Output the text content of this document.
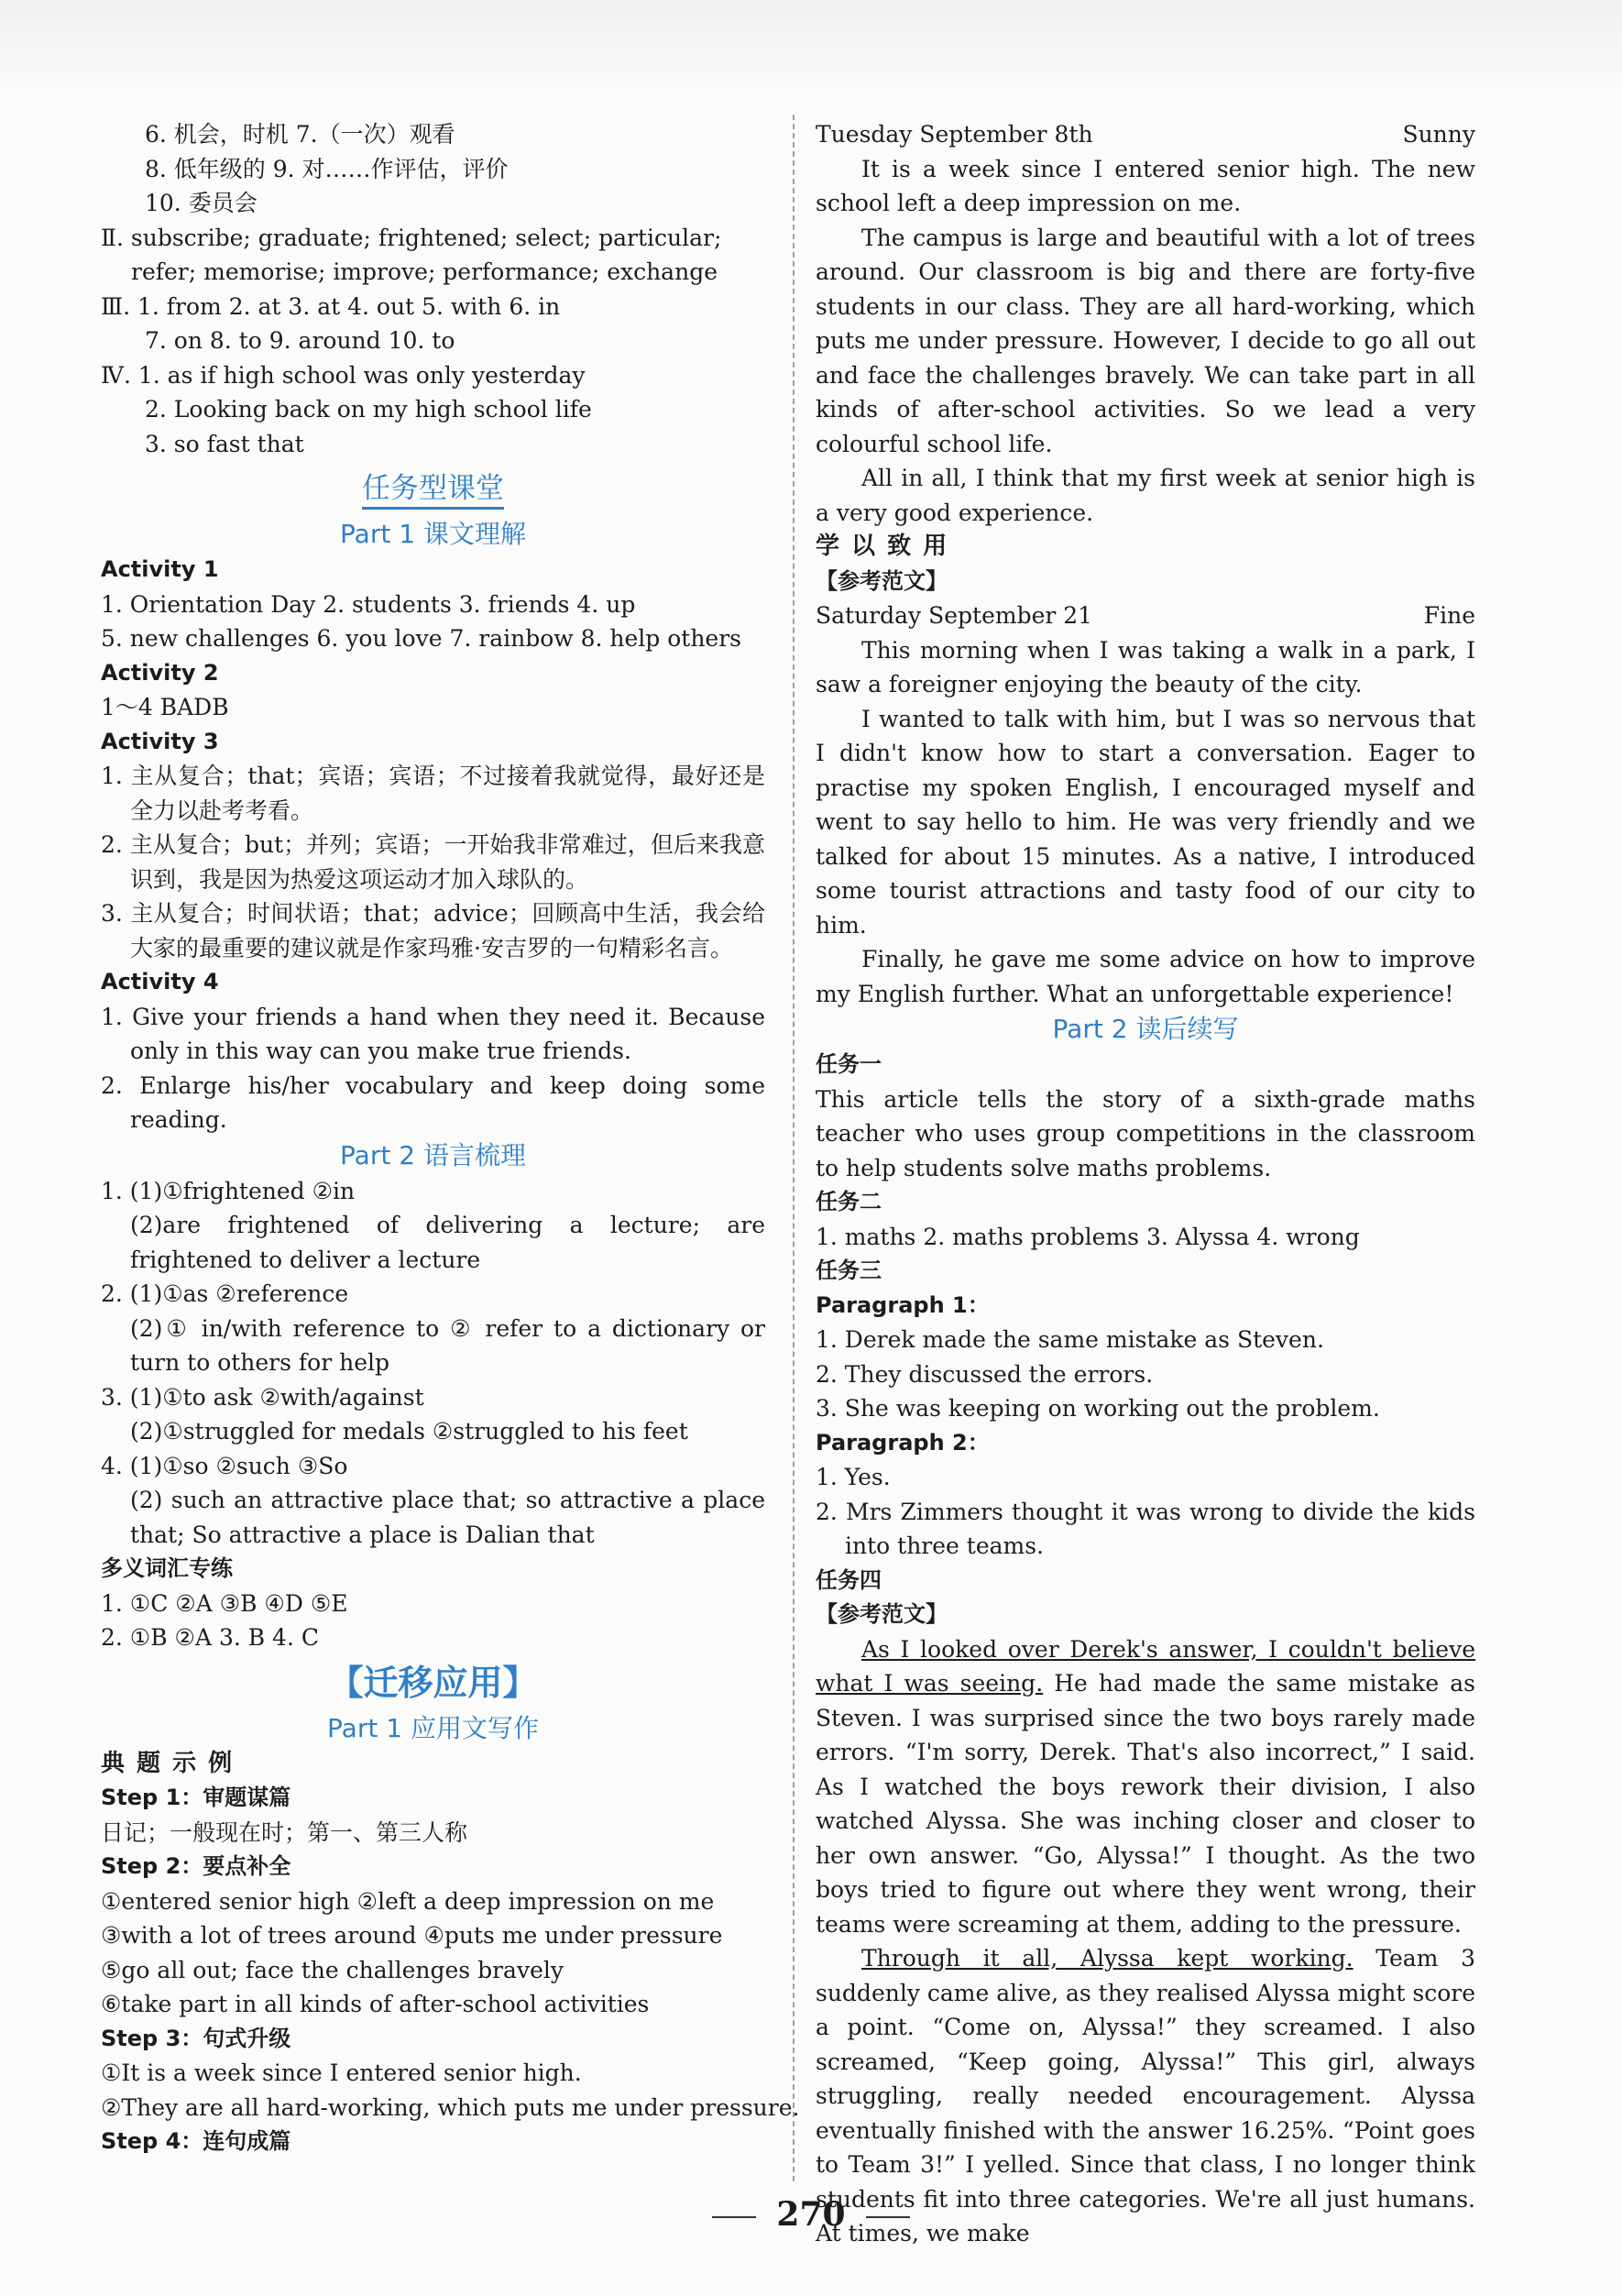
6. 机会，时机 7.（一次）观看
8. 低年级的 9. 对……作评估，评价
10. 委员会
Ⅱ. subscribe; graduate; frightened; select; particular;
refer; memorise; improve; performance; exchange
Ⅲ. 1. from 2. at 3. at 4. out 5. with 6. in
7. on 8. to 9. around 10. to
Ⅳ. 1. as if high school was only yesterday
2. Looking back on my high school life
3. so fast that
任务型课堂
Part 1 课文理解
Activity 1
1. Orientation Day 2. students 3. friends 4. up
5. new challenges 6. you love 7. rainbow 8. help others
Activity 2
1～4 BADB
Activity 3
1. 主从复合；that；宾语；宾语；不过接着我就觉得，最好还是全力以赴考考看。
2. 主从复合；but；并列；宾语；一开始我非常难过，但后来我意识到，我是因为热爱这项运动才加入球队的。
3. 主从复合；时间状语；that；advice；回顾高中生活，我会给大家的最重要的建议就是作家玛雅·安吉罗的一句精彩名言。
Activity 4
1. Give your friends a hand when they need it. Because only in this way can you make true friends.
2. Enlarge his/her vocabulary and keep doing some reading.
Part 2 语言梳理
1. (1)①frightened ②in
(2)are frightened of delivering a lecture; are frightened to deliver a lecture
2. (1)①as ②reference
(2)① in/with reference to ② refer to a dictionary or turn to others for help
3. (1)①to ask ②with/against
(2)①struggled for medals ②struggled to his feet
4. (1)①so ②such ③So
(2) such an attractive place that; so attractive a place that; So attractive a place is Dalian that
多义词汇专练
1. ①C ②A ③B ④D ⑤E
2. ①B ②A 3. B 4. C
【迁移应用】
Part 1 应用文写作
典 题 示 例
Step 1：审题谋篇
日记；一般现在时；第一、第三人称
Step 2：要点补全
①entered senior high ②left a deep impression on me
③with a lot of trees around ④puts me under pressure
⑤go all out; face the challenges bravely
⑥take part in all kinds of after-school activities
Step 3：句式升级
①It is a week since I entered senior high.
②They are all hard-working, which puts me under pressure.
Step 4：连句成篇
Tuesday September 8th	Sunny
It is a week since I entered senior high. The new school left a deep impression on me.
The campus is large and beautiful with a lot of trees around. Our classroom is big and there are forty-five students in our class. They are all hard-working, which puts me under pressure. However, I decide to go all out and face the challenges bravely. We can take part in all kinds of after-school activities. So we lead a very colourful school life.
All in all, I think that my first week at senior high is a very good experience.
学 以 致 用
【参考范文】
Saturday September 21	Fine
This morning when I was taking a walk in a park, I saw a foreigner enjoying the beauty of the city.
I wanted to talk with him, but I was so nervous that I didn't know how to start a conversation. Eager to practise my spoken English, I encouraged myself and went to say hello to him. He was very friendly and we talked for about 15 minutes. As a native, I introduced some tourist attractions and tasty food of our city to him.
Finally, he gave me some advice on how to improve my English further. What an unforgettable experience!
Part 2 读后续写
任务一
This article tells the story of a sixth-grade maths teacher who uses group competitions in the classroom to help students solve maths problems.
任务二
1. maths 2. maths problems 3. Alyssa 4. wrong
任务三
Paragraph 1：
1. Derek made the same mistake as Steven.
2. They discussed the errors.
3. She was keeping on working out the problem.
Paragraph 2：
1. Yes.
2. Mrs Zimmers thought it was wrong to divide the kids into three teams.
任务四
【参考范文】
As I looked over Derek's answer, I couldn't believe what I was seeing. He had made the same mistake as Steven. I was surprised since the two boys rarely made errors. “I'm sorry, Derek. That's also incorrect,” I said. As I watched the boys rework their division, I also watched Alyssa. She was inching closer and closer to her own answer. “Go, Alyssa!” I thought. As the two boys tried to figure out where they went wrong, their teams were screaming at them, adding to the pressure.
Through it all, Alyssa kept working. Team 3 suddenly came alive, as they realised Alyssa might score a point. “Come on, Alyssa!” they screamed. I also screamed, “Keep going, Alyssa!” This girl, always struggling, really needed encouragement. Alyssa eventually finished with the answer 16.25%. “Point goes to Team 3!” I yelled. Since that class, I no longer think students fit into three categories. We're all just humans. At times, we make
270
